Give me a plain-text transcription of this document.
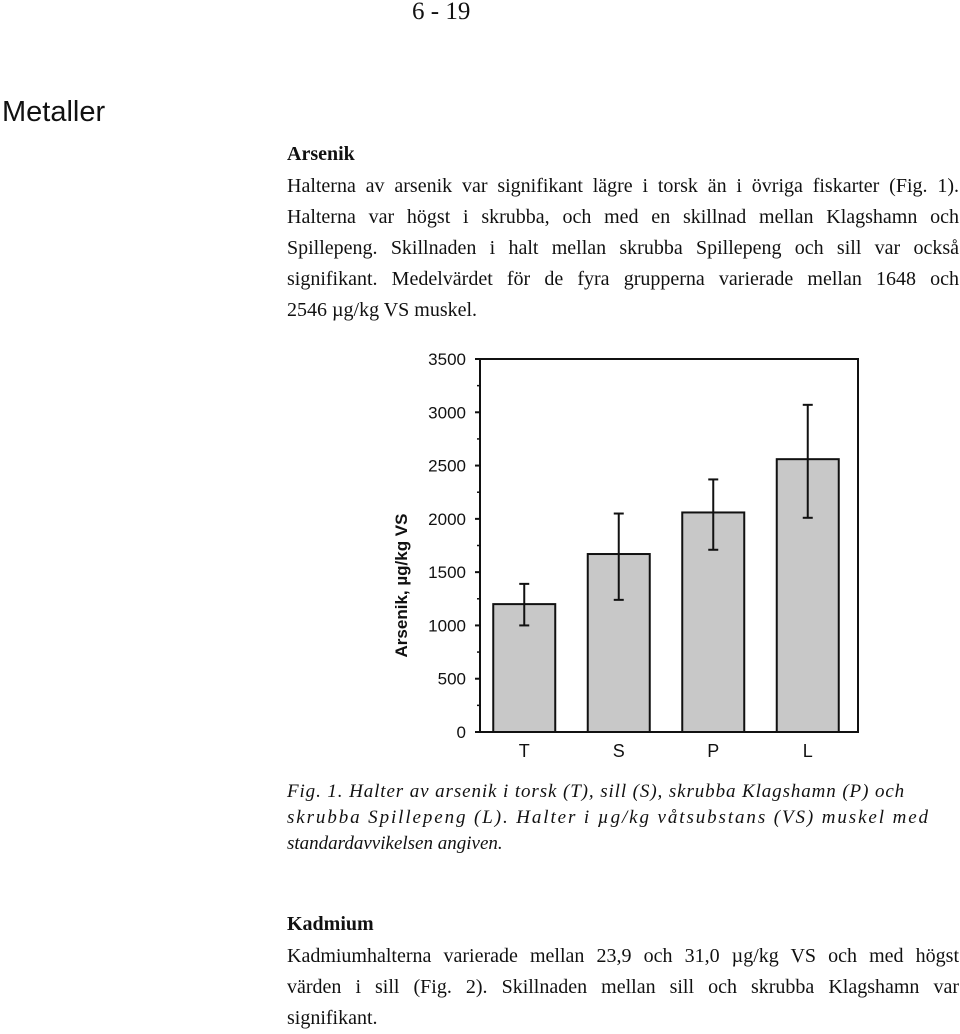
6 - 19
Metaller
Arsenik

Halterna av arsenik var signifikant lägre i torsk än i övriga fiskarter (Fig. 1).
Halterna var högst i skrubba, och med en skillnad mellan Klagshamn och
Spillepeng. Skillnaden i halt mellan skrubba Spillepeng och sill var också
signifikant. Medelvärdet för de fyra grupperna varierade mellan 1648 och
2546 µg/kg VS muskel.

0
500
1000
1500
2000
2500
3000
3500
Arsenik, µg/kg VS
T	S	P	L

Fig. 1. Halter av arsenik i torsk (T), sill (S), skrubba Klagshamn (P) och
skrubba Spillepeng (L). Halter i µg/kg våtsubstans (VS) muskel med
standardavvikelsen angiven.

Kadmium

Kadmiumhalterna varierade mellan 23,9 och 31,0 µg/kg VS och med högst
värden i sill (Fig. 2). Skillnaden mellan sill och skrubba Klagshamn var
signifikant.
